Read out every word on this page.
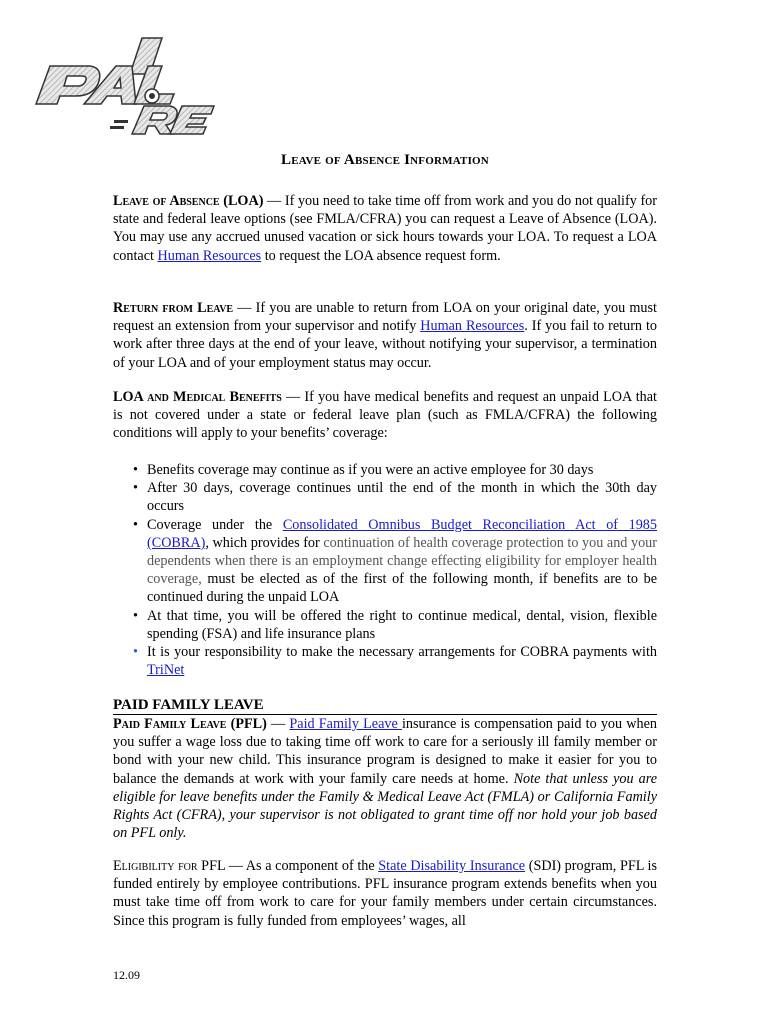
PAIRE
Leave of Absence Information

Leave of Absence (LOA) — If you need to take time off from work and you do not qualify for state and federal leave options (see FMLA/CFRA) you can request a Leave of Absence (LOA). You may use any accrued unused vacation or sick hours towards your LOA. To request a LOA contact Human Resources to request the LOA absence request form.

Return from Leave — If you are unable to return from LOA on your original date, you must request an extension from your supervisor and notify Human Resources. If you fail to return to work after three days at the end of your leave, without notifying your supervisor, a termination of your LOA and of your employment status may occur.

LOA and Medical Benefits — If you have medical benefits and request an unpaid LOA that is not covered under a state or federal leave plan (such as FMLA/CFRA) the following conditions will apply to your benefits’ coverage:

• Benefits coverage may continue as if you were an active employee for 30 days
• After 30 days, coverage continues until the end of the month in which the 30th day occurs
• Coverage under the Consolidated Omnibus Budget Reconciliation Act of 1985 (COBRA), which provides for continuation of health coverage protection to you and your dependents when there is an employment change effecting eligibility for employer health coverage, must be elected as of the first of the following month, if benefits are to be continued during the unpaid LOA
• At that time, you will be offered the right to continue medical, dental, vision, flexible spending (FSA) and life insurance plans
• It is your responsibility to make the necessary arrangements for COBRA payments with TriNet
PAID FAMILY LEAVE

Paid Family Leave (PFL) — Paid Family Leave insurance is compensation paid to you when you suffer a wage loss due to taking time off work to care for a seriously ill family member or bond with your new child. This insurance program is designed to make it easier for you to balance the demands at work with your family care needs at home. Note that unless you are eligible for leave benefits under the Family & Medical Leave Act (FMLA) or California Family Rights Act (CFRA), your supervisor is not obligated to grant time off nor hold your job based on PFL only.

Eligibility for PFL — As a component of the State Disability Insurance (SDI) program, PFL is funded entirely by employee contributions. PFL insurance program extends benefits when you must take time off from work to care for your family members under certain circumstances. Since this program is fully funded from employees’ wages, all

12.09
